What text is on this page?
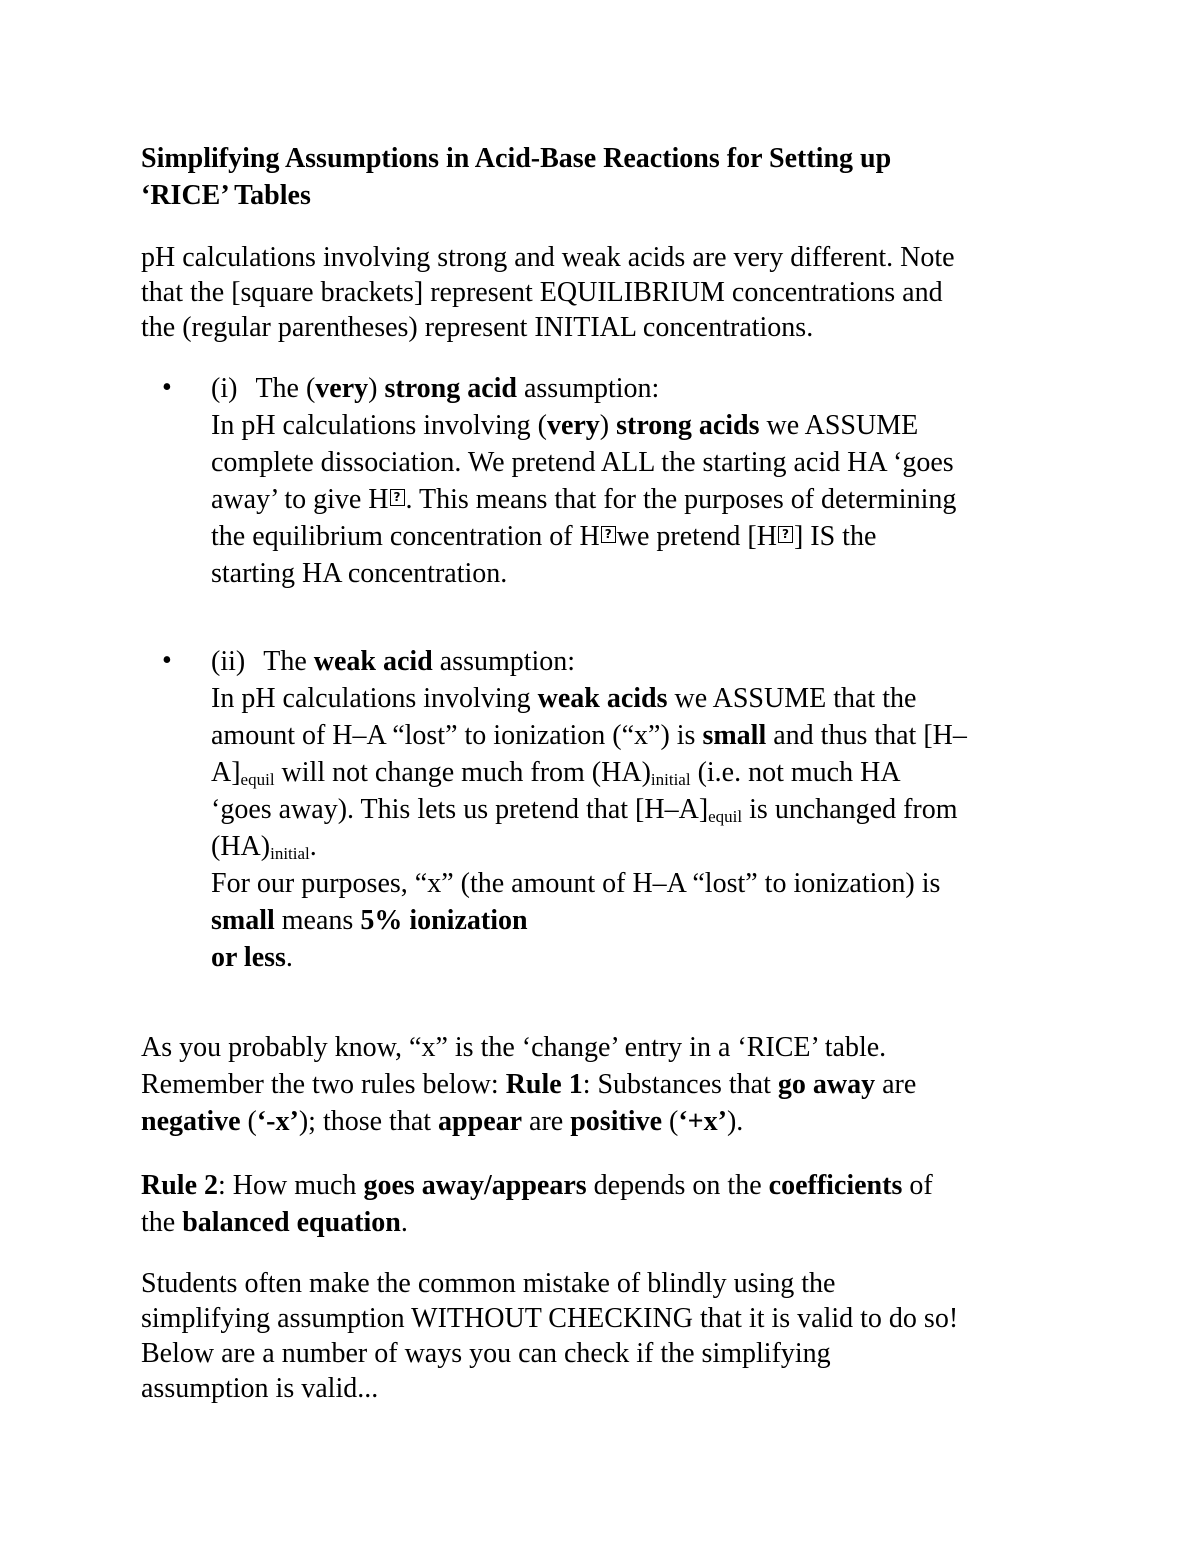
Simplifying Assumptions in Acid-Base Reactions for Setting up
‘RICE’ Tables

pH calculations involving strong and weak acids are very different. Note
that the [square brackets] represent EQUILIBRIUM concentrations and
the (regular parentheses) represent INITIAL concentrations.

• (i) The (very) strong acid assumption:
In pH calculations involving (very) strong acids we ASSUME
complete dissociation. We pretend ALL the starting acid HA ‘goes
away’ to give H ? . This means that for the purposes of determining
the equilibrium concentration of H ? we pretend [H ? ] IS the
starting HA concentration.

• (ii) The weak acid assumption:
In pH calculations involving weak acids we ASSUME that the
amount of H–A “lost” to ionization (“x”) is small and thus that [H–
$A]_{equil}$ will not change much from $(HA)_{initial}$ (i.e. not much HA
‘goes away). This lets us pretend that $[H-A]_{equil}$ is unchanged from
$(HA)_{initial}$.
For our purposes, “x” (the amount of H–A “lost” to ionization) is
small means 5% ionization
or less.

As you probably know, “x” is the ‘change’ entry in a ‘RICE’ table.
Remember the two rules below: Rule 1: Substances that go away are
negative (‘-x’); those that appear are positive (‘+x’).

Rule 2: How much goes away/appears depends on the coefficients of
the balanced equation.

Students often make the common mistake of blindly using the
simplifying assumption WITHOUT CHECKING that it is valid to do so!
Below are a number of ways you can check if the simplifying
assumption is valid...
